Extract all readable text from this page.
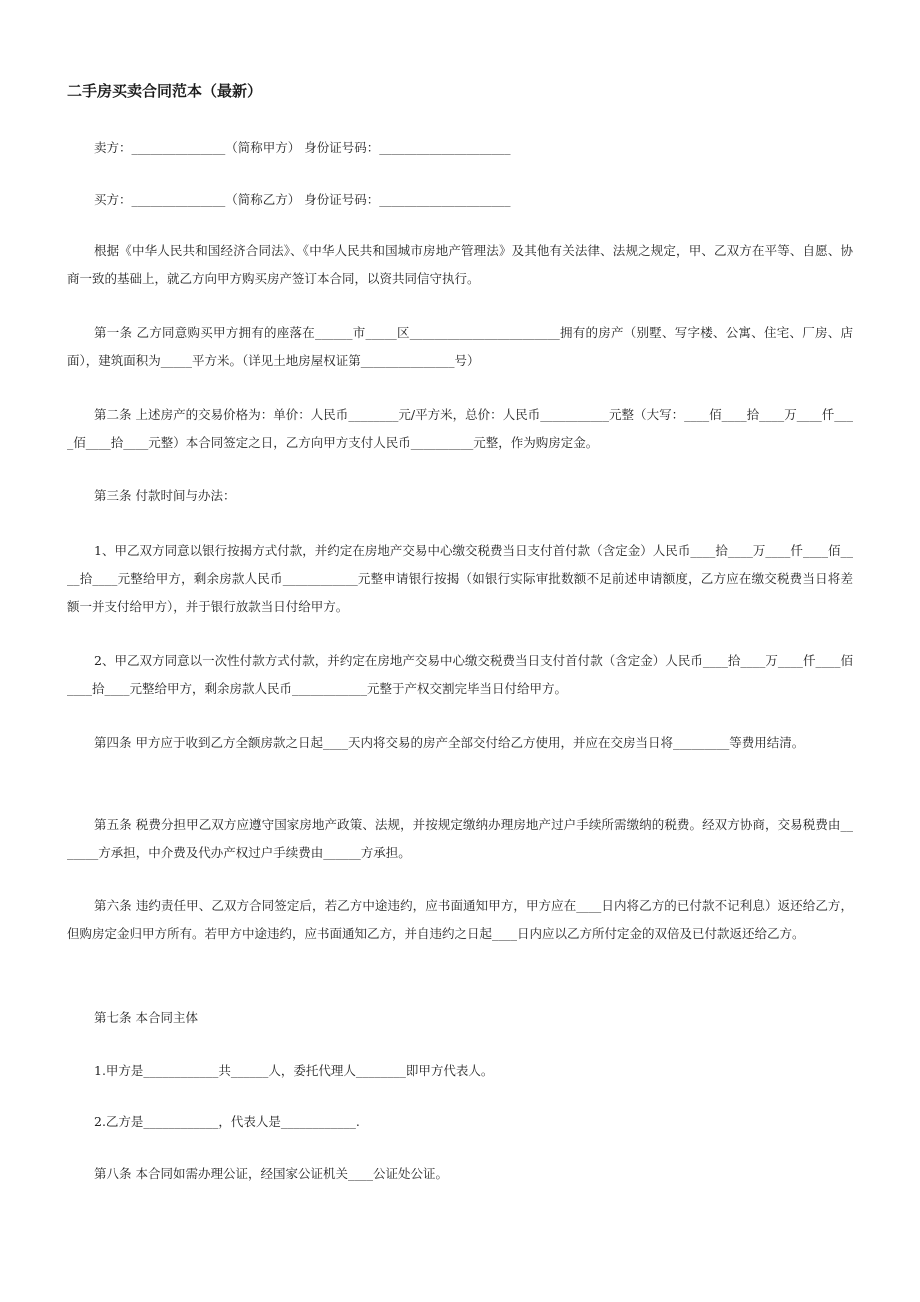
二手房买卖合同范本（最新）

卖方：_______________（简称甲方） 身份证号码：_____________________

买方：_______________（简称乙方） 身份证号码：_____________________

根据《中华人民共和国经济合同法》、《中华人民共和国城市房地产管理法》及其他有关法律、法规之规定，甲、乙双方在平等、自愿、协商一致的基础上，就乙方向甲方购买房产签订本合同，以资共同信守执行。

第一条 乙方同意购买甲方拥有的座落在______市_____区________________________拥有的房产（别墅、写字楼、公寓、住宅、厂房、店面），建筑面积为_____平方米。（详见土地房屋权证第_______________号）

第二条 上述房产的交易价格为：单价：人民币________元/平方米，总价：人民币___________元整（大写：____佰____拾____万____仟____佰____拾____元整）本合同签定之日，乙方向甲方支付人民币__________元整，作为购房定金。

第三条 付款时间与办法：

1、甲乙双方同意以银行按揭方式付款，并约定在房地产交易中心缴交税费当日支付首付款（含定金）人民币____拾____万____仟____佰____拾____元整给甲方，剩余房款人民币____________元整申请银行按揭（如银行实际审批数额不足前述申请额度，乙方应在缴交税费当日将差额一并支付给甲方），并于银行放款当日付给甲方。

2、甲乙双方同意以一次性付款方式付款，并约定在房地产交易中心缴交税费当日支付首付款（含定金）人民币____拾____万____仟____佰____拾____元整给甲方，剩余房款人民币____________元整于产权交割完毕当日付给甲方。

第四条 甲方应于收到乙方全额房款之日起____天内将交易的房产全部交付给乙方使用，并应在交房当日将_________等费用结清。

第五条 税费分担甲乙双方应遵守国家房地产政策、法规，并按规定缴纳办理房地产过户手续所需缴纳的税费。经双方协商，交易税费由_______方承担，中介费及代办产权过户手续费由______方承担。

第六条 违约责任甲、乙双方合同签定后，若乙方中途违约，应书面通知甲方，甲方应在____日内将乙方的已付款不记利息）返还给乙方，但购房定金归甲方所有。若甲方中途违约，应书面通知乙方，并自违约之日起____日内应以乙方所付定金的双倍及已付款返还给乙方。

第七条 本合同主体

1.甲方是____________共______人，委托代理人________即甲方代表人。

2.乙方是____________，代表人是____________.

第八条 本合同如需办理公证，经国家公证机关____公证处公证。
